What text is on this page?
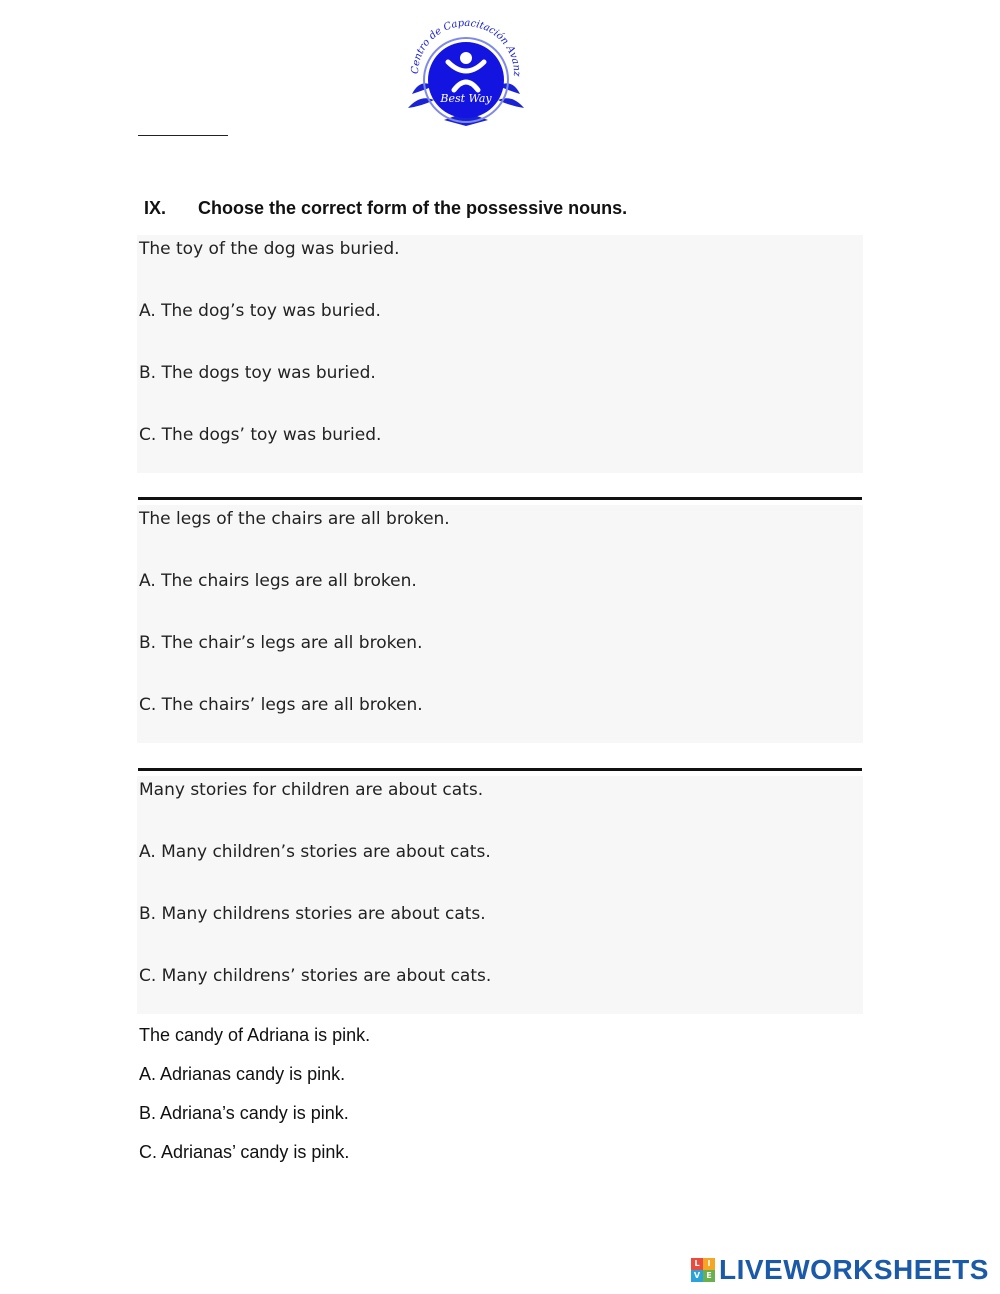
Best Way
Centro de Capacitación Avanz
IX. Choose the correct form of the possessive nouns.
The toy of the dog was buried.
A. The dog’s toy was buried.
B. The dogs toy was buried.
C. The dogs’ toy was buried.
The legs of the chairs are all broken.
A. The chairs legs are all broken.
B. The chair’s legs are all broken.
C. The chairs’ legs are all broken.
Many stories for children are about cats.
A. Many children’s stories are about cats.
B. Many childrens stories are about cats.
C. Many childrens’ stories are about cats.
The candy of Adriana is pink.
A. Adrianas candy is pink.
B. Adriana’s candy is pink.
C. Adrianas’ candy is pink.
L I
V E LIVEWORKSHEETS
